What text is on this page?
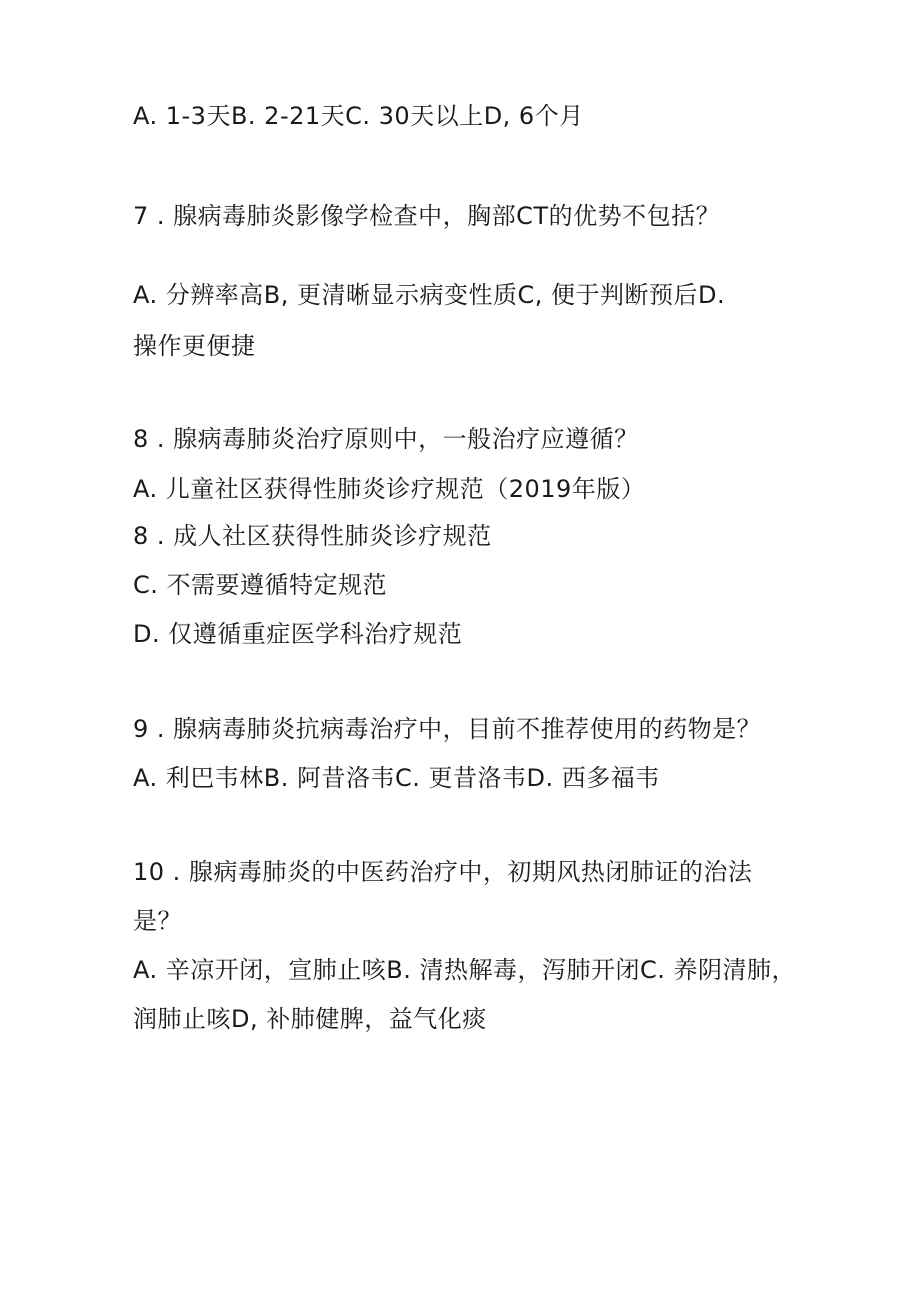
A. 1-3天B. 2-21天C. 30天以上D, 6个月
7 . 腺病毒肺炎影像学检查中，胸部CT的优势不包括？
A. 分辨率高B, 更清晰显示病变性质C, 便于判断预后D.
操作更便捷
8 . 腺病毒肺炎治疗原则中，一般治疗应遵循？
A. 儿童社区获得性肺炎诊疗规范（2019年版）
8 . 成人社区获得性肺炎诊疗规范
C. 不需要遵循特定规范
D. 仅遵循重症医学科治疗规范
9 . 腺病毒肺炎抗病毒治疗中，目前不推荐使用的药物是？
A. 利巴韦林B. 阿昔洛韦C. 更昔洛韦D. 西多福韦
10 . 腺病毒肺炎的中医药治疗中，初期风热闭肺证的治法
是？
A. 辛凉开闭，宣肺止咳B. 清热解毒，泻肺开闭C. 养阴清肺，
润肺止咳D, 补肺健脾，益气化痰
